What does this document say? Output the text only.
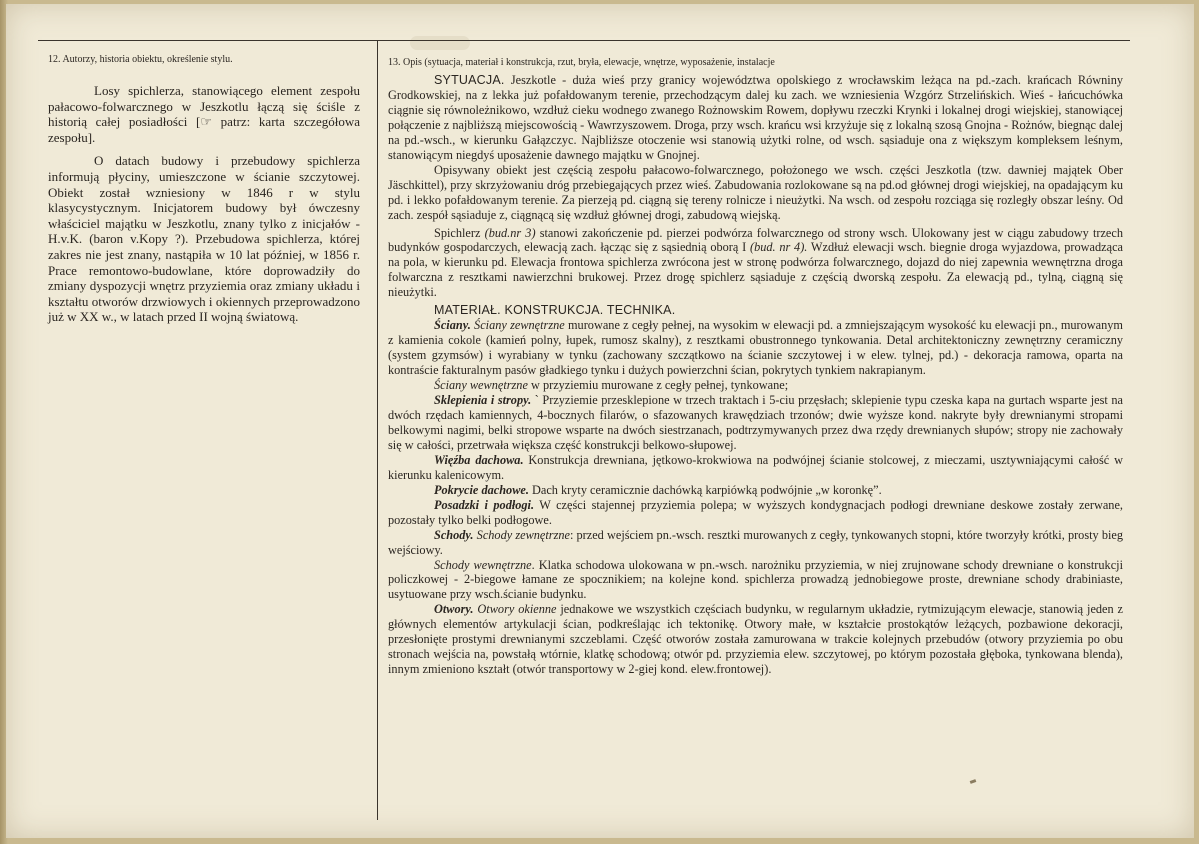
12. Autorzy, historia obiektu, określenie stylu.	13. Opis (sytuacja, materiał i konstrukcja, rzut, bryła, elewacje, wnętrze, wyposażenie, instalacje

Losy spichlerza, stanowiącego element zespołu pałacowo-folwarcznego w Jeszkotlu łączą się ściśle z historią całej posiadłości [☞ patrz: karta szczegółowa zespołu].

O datach budowy i przebudowy spichlerza informują płyciny, umieszczone w ścianie szczytowej. Obiekt został wzniesiony w 1846 r w stylu klasycystycznym. Inicjatorem budowy był ówczesny właściciel majątku w Jeszkotlu, znany tylko z inicjałów - H.v.K. (baron v.Kopy ?). Przebudowa spichlerza, której zakres nie jest znany, nastąpiła w 10 lat później, w 1856 r. Prace remontowo-budowlane, które doprowadziły do zmiany dyspozycji wnętrz przyziemia oraz zmiany układu i kształtu otworów drzwiowych i okiennych przeprowadzono już w XX w., w latach przed II wojną światową.

SYTUACJA. Jeszkotle - duża wieś przy granicy województwa opolskiego z wrocławskim leżąca na pd.-zach. krańcach Równiny Grodkowskiej, na z lekka już pofałdowanym terenie, przechodzącym dalej ku zach. we wzniesienia Wzgórz Strzelińskich. Wieś - łańcuchówka ciągnie się równoleżnikowo, wzdłuż cieku wodnego zwanego Rożnowskim Rowem, dopływu rzeczki Krynki i lokalnej drogi wiejskiej, stanowiącej połączenie z najbliższą miejscowością - Wawrzyszowem. Droga, przy wsch. krańcu wsi krzyżuje się z lokalną szosą Gnojna - Rożnów, biegnąc dalej na pd.-wsch., w kierunku Gałązczyc. Najbliższe otoczenie wsi stanowią użytki rolne, od wsch. sąsiaduje ona z większym kompleksem leśnym, stanowiącym niegdyś uposażenie dawnego majątku w Gnojnej.

Opisywany obiekt jest częścią zespołu pałacowo-folwarcznego, położonego we wsch. części Jeszkotla (tzw. dawniej majątek Ober Jäschkittel), przy skrzyżowaniu dróg przebiegających przez wieś. Zabudowania rozlokowane są na pd.od głównej drogi wiejskiej, na opadającym ku pd. i lekko pofałdowanym terenie. Za pierzeją pd. ciągną się tereny rolnicze i nieużytki. Na wsch. od zespołu rozciąga się rozległy obszar leśny. Od zach. zespół sąsiaduje z, ciągnącą się wzdłuż głównej drogi, zabudową wiejską.

Spichlerz (bud.nr 3) stanowi zakończenie pd. pierzei podwórza folwarcznego od strony wsch. Ulokowany jest w ciągu zabudowy trzech budynków gospodarczych, elewacją zach. łącząc się z sąsiednią oborą I (bud. nr 4). Wzdłuż elewacji wsch. biegnie droga wyjazdowa, prowadząca na pola, w kierunku pd. Elewacja frontowa spichlerza zwrócona jest w stronę podwórza folwarcznego, dojazd do niej zapewnia wewnętrzna droga folwarczna z resztkami nawierzchni brukowej. Przez drogę spichlerz sąsiaduje z częścią dworską zespołu. Za elewacją pd., tylną, ciągną się nieużytki.

MATERIAŁ. KONSTRUKCJA. TECHNIKA.

Ściany. Ściany zewnętrzne murowane z cegły pełnej, na wysokim w elewacji pd. a zmniejszającym wysokość ku elewacji pn., murowanym z kamienia cokole (kamień polny, łupek, rumosz skalny), z resztkami obustronnego tynkowania. Detal architektoniczny zewnętrzny ceramiczny (system gzymsów) i wyrabiany w tynku (zachowany szczątkowo na ścianie szczytowej i w elew. tylnej, pd.) - dekoracja ramowa, oparta na kontraście fakturalnym pasów gładkiego tynku i dużych powierzchni ścian, pokrytych tynkiem nakrapianym.

Ściany wewnętrzne w przyziemiu murowane z cegły pełnej, tynkowane;

Sklepienia i stropy. ` Przyziemie przesklepione w trzech traktach i 5-ciu przęsłach; sklepienie typu czeska kapa na gurtach wsparte jest na dwóch rzędach kamiennych, 4-bocznych filarów, o sfazowanych krawędziach trzonów; dwie wyższe kond. nakryte były drewnianymi stropami belkowymi nagimi, belki stropowe wsparte na dwóch siestrzanach, podtrzymywanych przez dwa rzędy drewnianych słupów; stropy nie zachowały się w całości, przetrwała większa część konstrukcji belkowo-słupowej.

Więźba dachowa. Konstrukcja drewniana, jętkowo-krokwiowa na podwójnej ścianie stolcowej, z mieczami, usztywniającymi całość w kierunku kalenicowym.

Pokrycie dachowe. Dach kryty ceramicznie dachówką karpiówką podwójnie „w koronkę”.

Posadzki i podłogi. W części stajennej przyziemia polepa; w wyższych kondygnacjach podłogi drewniane deskowe zostały zerwane, pozostały tylko belki podłogowe.

Schody. Schody zewnętrzne: przed wejściem pn.-wsch. resztki murowanych z cegły, tynkowanych stopni, które tworzyły krótki, prosty bieg wejściowy.

Schody wewnętrzne. Klatka schodowa ulokowana w pn.-wsch. narożniku przyziemia, w niej zrujnowane schody drewniane o konstrukcji policzkowej - 2-biegowe łamane ze spocznikiem; na kolejne kond. spichlerza prowadzą jednobiegowe proste, drewniane schody drabiniaste, usytuowane przy wsch.ścianie budynku.

Otwory. Otwory okienne jednakowe we wszystkich częściach budynku, w regularnym układzie, rytmizującym elewacje, stanowią jeden z głównych elementów artykulacji ścian, podkreślając ich tektonikę. Otwory małe, w kształcie prostokątów leżących, pozbawione dekoracji, przesłonięte prostymi drewnianymi szczeblami. Część otworów została zamurowana w trakcie kolejnych przebudów (otwory przyziemia po obu stronach wejścia na, powstałą wtórnie, klatkę schodową; otwór pd. przyziemia elew. szczytowej, po którym pozostała głęboka, tynkowana blenda), innym zmieniono kształt (otwór transportowy w 2-giej kond. elew.frontowej).
